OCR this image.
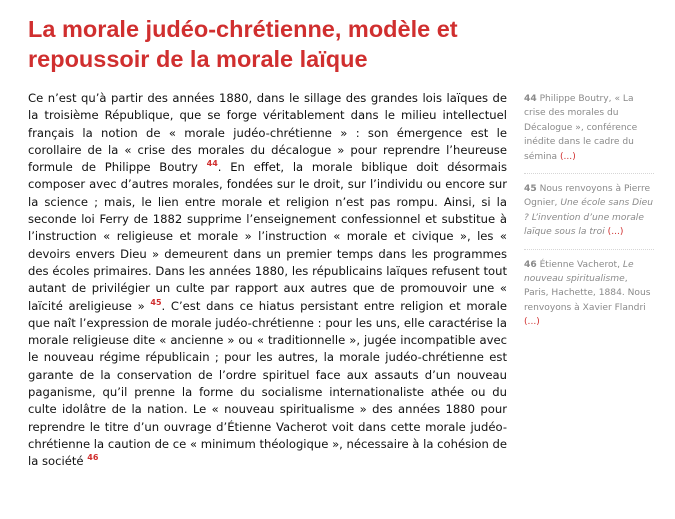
La morale judéo-chrétienne, modèle et repoussoir de la morale laïque

Ce n’est qu’à partir des années 1880, dans le sillage des grandes lois laïques de la troisième République, que se forge véritablement dans le milieu intellectuel français la notion de « morale judéo-chrétienne » : son émergence est le corollaire de la « crise des morales du décalogue » pour reprendre l’heureuse formule de Philippe Boutry $^{44}$. En effet, la morale biblique doit désormais composer avec d’autres morales, fondées sur le droit, sur l’individu ou encore sur la science ; mais, le lien entre morale et religion n’est pas rompu. Ainsi, si la seconde loi Ferry de 1882 supprime l’enseignement confessionnel et substitue à l’instruction « religieuse et morale » l’instruction « morale et civique », les « devoirs envers Dieu » demeurent dans un premier temps dans les programmes des écoles primaires. Dans les années 1880, les républicains laïques refusent tout autant de privilégier un culte par rapport aux autres que de promouvoir une « laïcité areligieuse » $^{45}$. C’est dans ce hiatus persistant entre religion et morale que naît l’expression de morale judéo-chrétienne : pour les uns, elle caractérise la morale religieuse dite « ancienne » ou « traditionnelle », jugée incompatible avec le nouveau régime républicain ; pour les autres, la morale judéo-chrétienne est garante de la conservation de l’ordre spirituel face aux assauts d’un nouveau paganisme, qu’il prenne la forme du socialisme internationaliste athée ou du culte idolâtre de la nation. Le « nouveau spiritualisme » des années 1880 pour reprendre le titre d’un ouvrage d’Étienne Vacherot voit dans cette morale judéo-chrétienne la caution de ce « minimum théologique », nécessaire à la cohésion de la société $^{46}$

44 Philippe Boutry, « La crise des morales du Décalogue », conférence inédite dans le cadre du sémina (...)
45 Nous renvoyons à Pierre Ognier, Une école sans Dieu ? L’invention d’une morale laïque sous la troi (...)
46 Étienne Vacherot, Le nouveau spiritualisme, Paris, Hachette, 1884. Nous renvoyons à Xavier Flandri (...)
